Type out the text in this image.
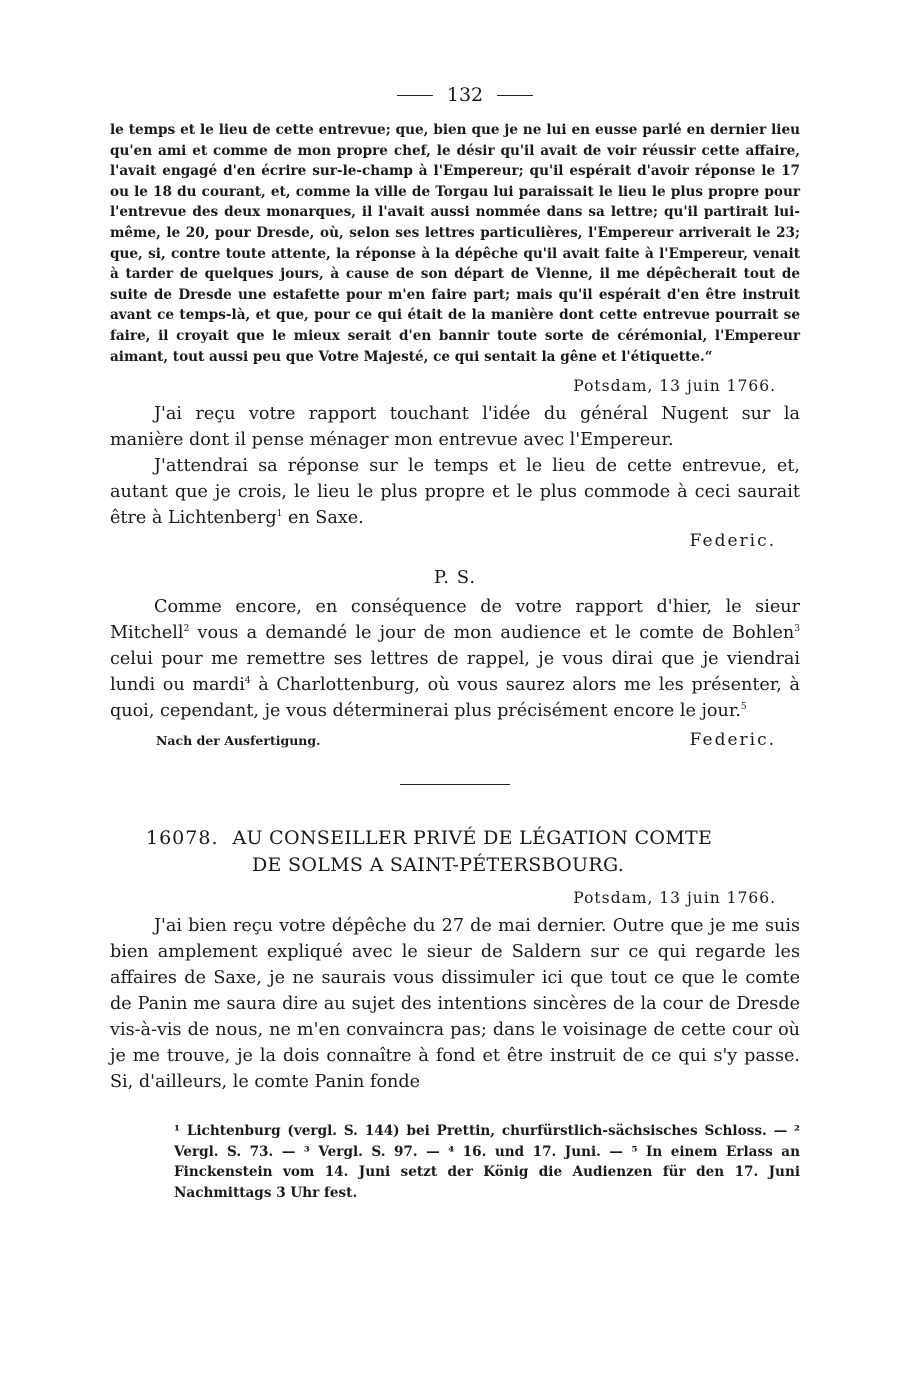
132

le temps et le lieu de cette entrevue; que, bien que je ne lui en eusse parlé en dernier lieu qu'en ami et comme de mon propre chef, le désir qu'il avait de voir réussir cette affaire, l'avait engagé d'en écrire sur-le-champ à l'Empereur; qu'il espérait d'avoir réponse le 17 ou le 18 du courant, et, comme la ville de Torgau lui paraissait le lieu le plus propre pour l'entrevue des deux monarques, il l'avait aussi nommée dans sa lettre; qu'il partirait lui-même, le 20, pour Dresde, où, selon ses lettres particulières, l'Empereur arriverait le 23; que, si, contre toute attente, la réponse à la dépêche qu'il avait faite à l'Empereur, venait à tarder de quelques jours, à cause de son départ de Vienne, il me dépêcherait tout de suite de Dresde une estafette pour m'en faire part; mais qu'il espérait d'en être instruit avant ce temps-là, et que, pour ce qui était de la manière dont cette entrevue pourrait se faire, il croyait que le mieux serait d'en bannir toute sorte de cérémonial, l'Empereur aimant, tout aussi peu que Votre Majesté, ce qui sentait la gêne et l'étiquette.“

Potsdam, 13 juin 1766.

J'ai reçu votre rapport touchant l'idée du général Nugent sur la manière dont il pense ménager mon entrevue avec l'Empereur.

J'attendrai sa réponse sur le temps et le lieu de cette entrevue, et, autant que je crois, le lieu le plus propre et le plus commode à ceci saurait être à Lichtenberg$^1$ en Saxe.

Federic.
P. S.

Comme encore, en conséquence de votre rapport d'hier, le sieur Mitchell$^2$ vous a demandé le jour de mon audience et le comte de Bohlen$^3$ celui pour me remettre ses lettres de rappel, je vous dirai que je viendrai lundi ou mardi$^4$ à Charlottenburg, où vous saurez alors me les présenter, à quoi, cependant, je vous déterminerai plus précisément encore le jour.$^5$

Nach der Ausfertigung.	Federic.
16078. AU CONSEILLER PRIVÉ DE LÉGATION COMTE
DE SOLMS A SAINT-PÉTERSBOURG.
Potsdam, 13 juin 1766.

J'ai bien reçu votre dépêche du 27 de mai dernier. Outre que je me suis bien amplement expliqué avec le sieur de Saldern sur ce qui regarde les affaires de Saxe, je ne saurais vous dissimuler ici que tout ce que le comte de Panin me saura dire au sujet des intentions sincères de la cour de Dresde vis-à-vis de nous, ne m'en convaincra pas; dans le voisinage de cette cour où je me trouve, je la dois connaître à fond et être instruit de ce qui s'y passe. Si, d'ailleurs, le comte Panin fonde

¹ Lichtenburg (vergl. S. 144) bei Prettin, churfürstlich-sächsisches Schloss. — ² Vergl. S. 73. — ³ Vergl. S. 97. — ⁴ 16. und 17. Juni. — ⁵ In einem Erlass an Finckenstein vom 14. Juni setzt der König die Audienzen für den 17. Juni Nachmittags 3 Uhr fest.
